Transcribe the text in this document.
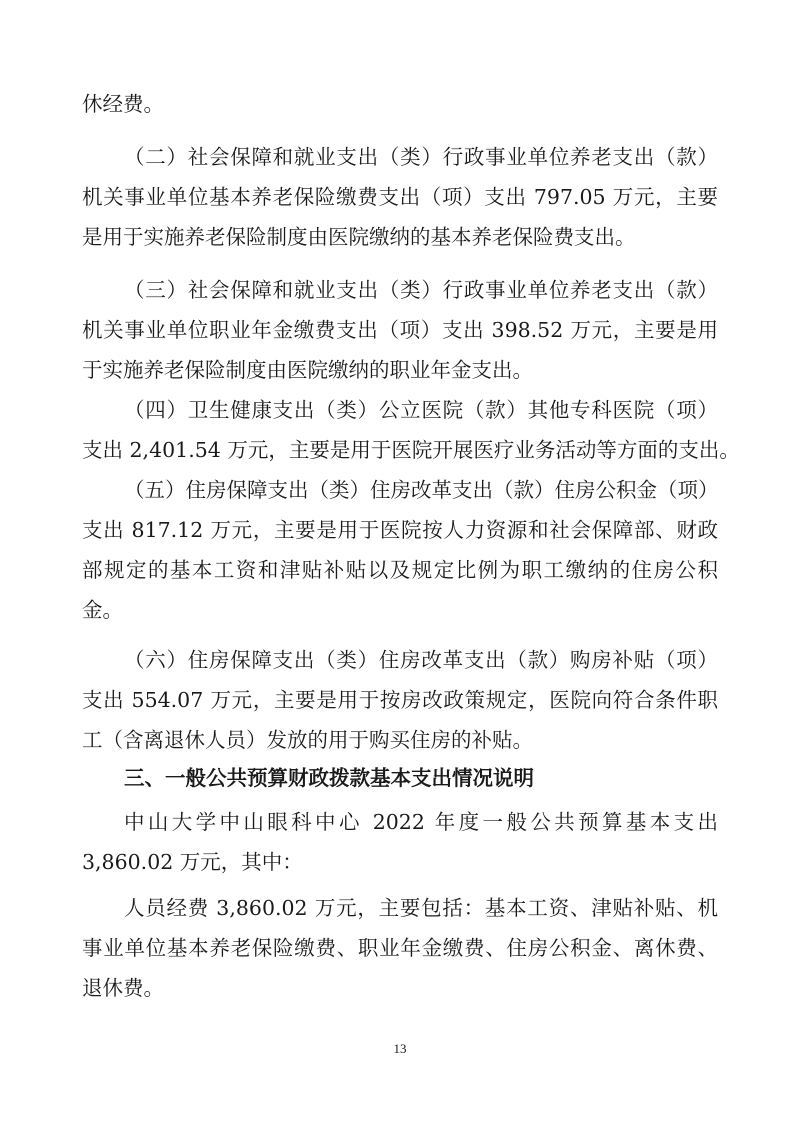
休经费。
（二）社会保障和就业支出（类）行政事业单位养老支出（款）
机关事业单位基本养老保险缴费支出（项）支出 797.05 万元，主要
是用于实施养老保险制度由医院缴纳的基本养老保险费支出。
（三）社会保障和就业支出（类）行政事业单位养老支出（款）
机关事业单位职业年金缴费支出（项）支出 398.52 万元，主要是用
于实施养老保险制度由医院缴纳的职业年金支出。
（四）卫生健康支出（类）公立医院（款）其他专科医院（项）
支出 2,401.54 万元，主要是用于医院开展医疗业务活动等方面的支出。
（五）住房保障支出（类）住房改革支出（款）住房公积金（项）
支出 817.12 万元，主要是用于医院按人力资源和社会保障部、财政
部规定的基本工资和津贴补贴以及规定比例为职工缴纳的住房公积
金。
（六）住房保障支出（类）住房改革支出（款）购房补贴（项）
支出 554.07 万元，主要是用于按房改政策规定，医院向符合条件职
工（含离退休人员）发放的用于购买住房的补贴。
三、一般公共预算财政拨款基本支出情况说明
中山大学中山眼科中心 2022 年度一般公共预算基本支出
3,860.02 万元，其中：
人员经费 3,860.02 万元，主要包括：基本工资、津贴补贴、机
事业单位基本养老保险缴费、职业年金缴费、住房公积金、离休费、
退休费。
13
